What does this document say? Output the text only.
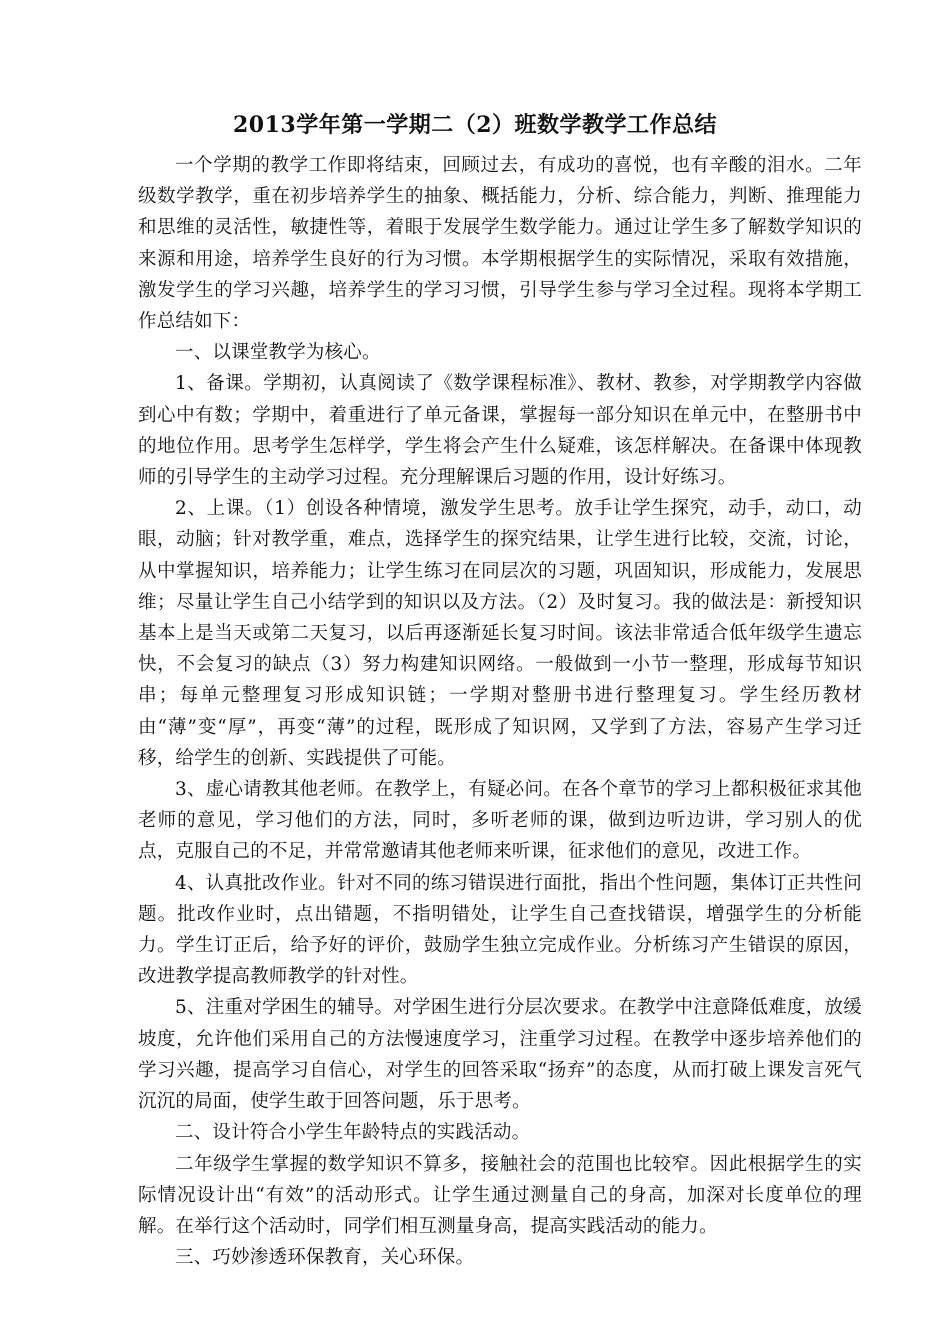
2013学年第一学期二（2）班数学教学工作总结

一个学期的教学工作即将结束，回顾过去，有成功的喜悦，也有辛酸的泪水。二年级数学教学，重在初步培养学生的抽象、概括能力，分析、综合能力，判断、推理能力和思维的灵活性，敏捷性等，着眼于发展学生数学能力。通过让学生多了解数学知识的来源和用途，培养学生良好的行为习惯。本学期根据学生的实际情况，采取有效措施，激发学生的学习兴趣，培养学生的学习习惯，引导学生参与学习全过程。现将本学期工作总结如下：

一、以课堂教学为核心。

1、备课。学期初，认真阅读了《数学课程标准》、教材、教参，对学期教学内容做到心中有数；学期中，着重进行了单元备课，掌握每一部分知识在单元中，在整册书中的地位作用。思考学生怎样学，学生将会产生什么疑难，该怎样解决。在备课中体现教师的引导学生的主动学习过程。充分理解课后习题的作用，设计好练习。

2、上课。（1）创设各种情境，激发学生思考。放手让学生探究，动手，动口，动眼，动脑；针对教学重，难点，选择学生的探究结果，让学生进行比较，交流，讨论，从中掌握知识，培养能力；让学生练习在同层次的习题，巩固知识，形成能力，发展思维；尽量让学生自己小结学到的知识以及方法。（2）及时复习。我的做法是：新授知识基本上是当天或第二天复习，以后再逐渐延长复习时间。该法非常适合低年级学生遗忘快，不会复习的缺点（3）努力构建知识网络。一般做到一小节一整理，形成每节知识串；每单元整理复习形成知识链；一学期对整册书进行整理复习。学生经历教材由“薄”变“厚”，再变“薄”的过程，既形成了知识网，又学到了方法，容易产生学习迁移，给学生的创新、实践提供了可能。

3、虚心请教其他老师。在教学上，有疑必问。在各个章节的学习上都积极征求其他老师的意见，学习他们的方法，同时，多听老师的课，做到边听边讲，学习别人的优点，克服自己的不足，并常常邀请其他老师来听课，征求他们的意见，改进工作。

4、认真批改作业。针对不同的练习错误进行面批，指出个性问题，集体订正共性问题。批改作业时，点出错题，不指明错处，让学生自己查找错误，增强学生的分析能力。学生订正后，给予好的评价，鼓励学生独立完成作业。分析练习产生错误的原因，改进教学提高教师教学的针对性。

5、注重对学困生的辅导。对学困生进行分层次要求。在教学中注意降低难度，放缓坡度，允许他们采用自己的方法慢速度学习，注重学习过程。在教学中逐步培养他们的学习兴趣，提高学习自信心，对学生的回答采取“扬弃”的态度，从而打破上课发言死气沉沉的局面，使学生敢于回答问题，乐于思考。

二、设计符合小学生年龄特点的实践活动。

二年级学生掌握的数学知识不算多，接触社会的范围也比较窄。因此根据学生的实际情况设计出“有效”的活动形式。让学生通过测量自己的身高，加深对长度单位的理解。在举行这个活动时，同学们相互测量身高，提高实践活动的能力。

三、巧妙渗透环保教育，关心环保。
